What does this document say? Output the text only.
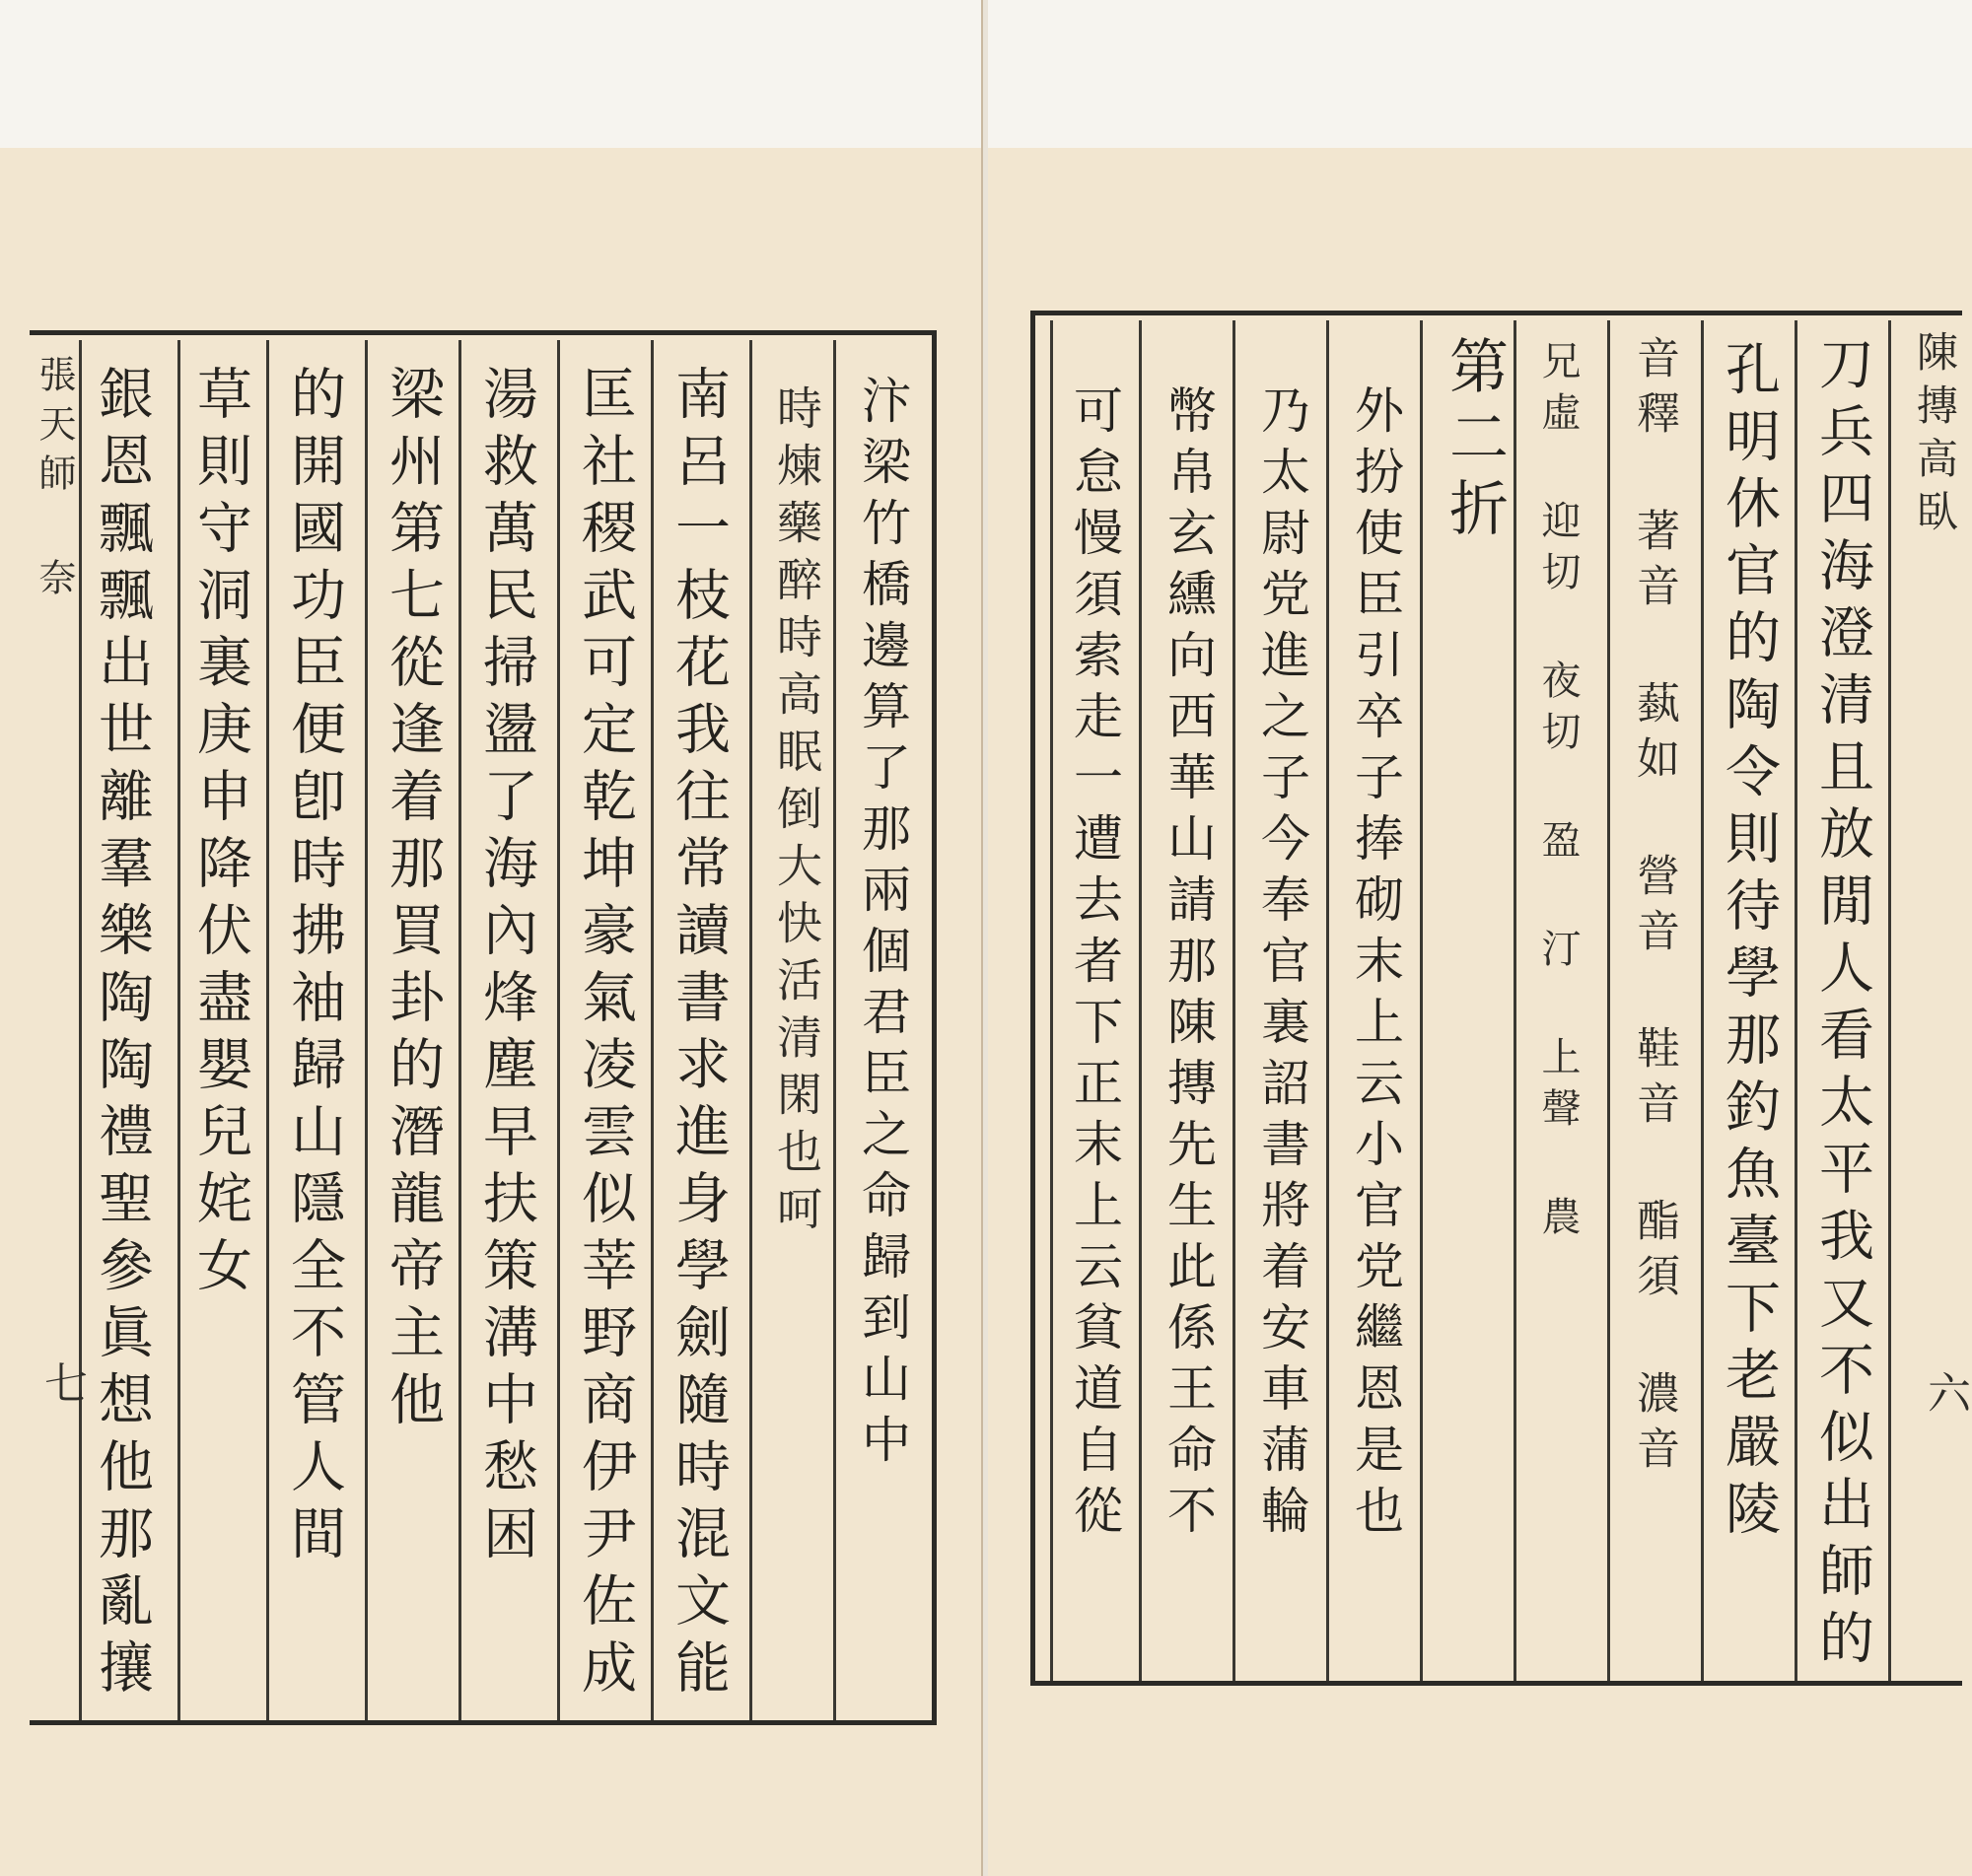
張天師 奈
七	汴梁竹橋邊算了那兩個君臣之命歸到山中
時煉藥醉時高眠倒大快活清閑也呵
南呂一枝花我往常讀書求進身學劍隨時混文能
匡社稷武可定乾坤豪氣凌雲似莘野商伊尹佐成
湯救萬民掃盪了海內烽塵早扶策溝中愁困
梁州第七從逢着那買卦的潛龍帝主他
的開國功臣便卽時拂袖歸山隱全不管人間
草則守洞裏庚申降伏盡嬰兒姹女
銀恩飄飄出世離羣樂陶陶禮聖參眞想他那亂攘	陳摶高臥
六
刀兵四海澄清且放閒人看太平我又不似出師的
孔明休官的陶令則待學那釣魚臺下老嚴陵
音釋 著音 蓺如 營音 鞋音 酯須 濃音
兄虛 迎切 夜切 盈 汀 上聲 農
第二折
外扮使臣引卒子捧砌末上云小官党繼恩是也
乃太尉党進之子今奉官裏詔書將着安車蒲輪
幣帛玄纁向西華山請那陳摶先生此係王命不
可怠慢須索走一遭去者下正末上云貧道自從
